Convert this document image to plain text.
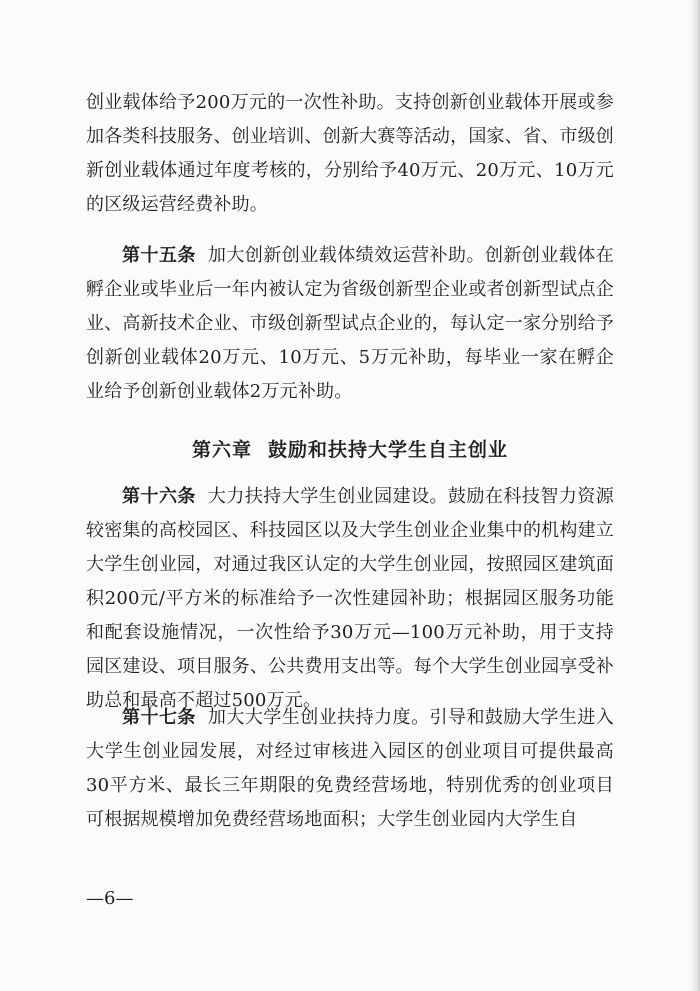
创业载体给予200万元的一次性补助。支持创新创业载体开展或参加各类科技服务、创业培训、创新大赛等活动，国家、省、市级创新创业载体通过年度考核的，分别给予40万元、20万元、10万元的区级运营经费补助。

第十五条 加大创新创业载体绩效运营补助。创新创业载体在孵企业或毕业后一年内被认定为省级创新型企业或者创新型试点企业、高新技术企业、市级创新型试点企业的，每认定一家分别给予创新创业载体20万元、10万元、5万元补助，每毕业一家在孵企业给予创新创业载体2万元补助。

第六章 鼓励和扶持大学生自主创业

第十六条 大力扶持大学生创业园建设。鼓励在科技智力资源较密集的高校园区、科技园区以及大学生创业企业集中的机构建立大学生创业园，对通过我区认定的大学生创业园，按照园区建筑面积200元/平方米的标准给予一次性建园补助；根据园区服务功能和配套设施情况，一次性给予30万元—100万元补助，用于支持园区建设、项目服务、公共费用支出等。每个大学生创业园享受补助总和最高不超过500万元。

第十七条 加大大学生创业扶持力度。引导和鼓励大学生进入大学生创业园发展，对经过审核进入园区的创业项目可提供最高30平方米、最长三年期限的免费经营场地，特别优秀的创业项目可根据规模增加免费经营场地面积；大学生创业园内大学生自

—6—
